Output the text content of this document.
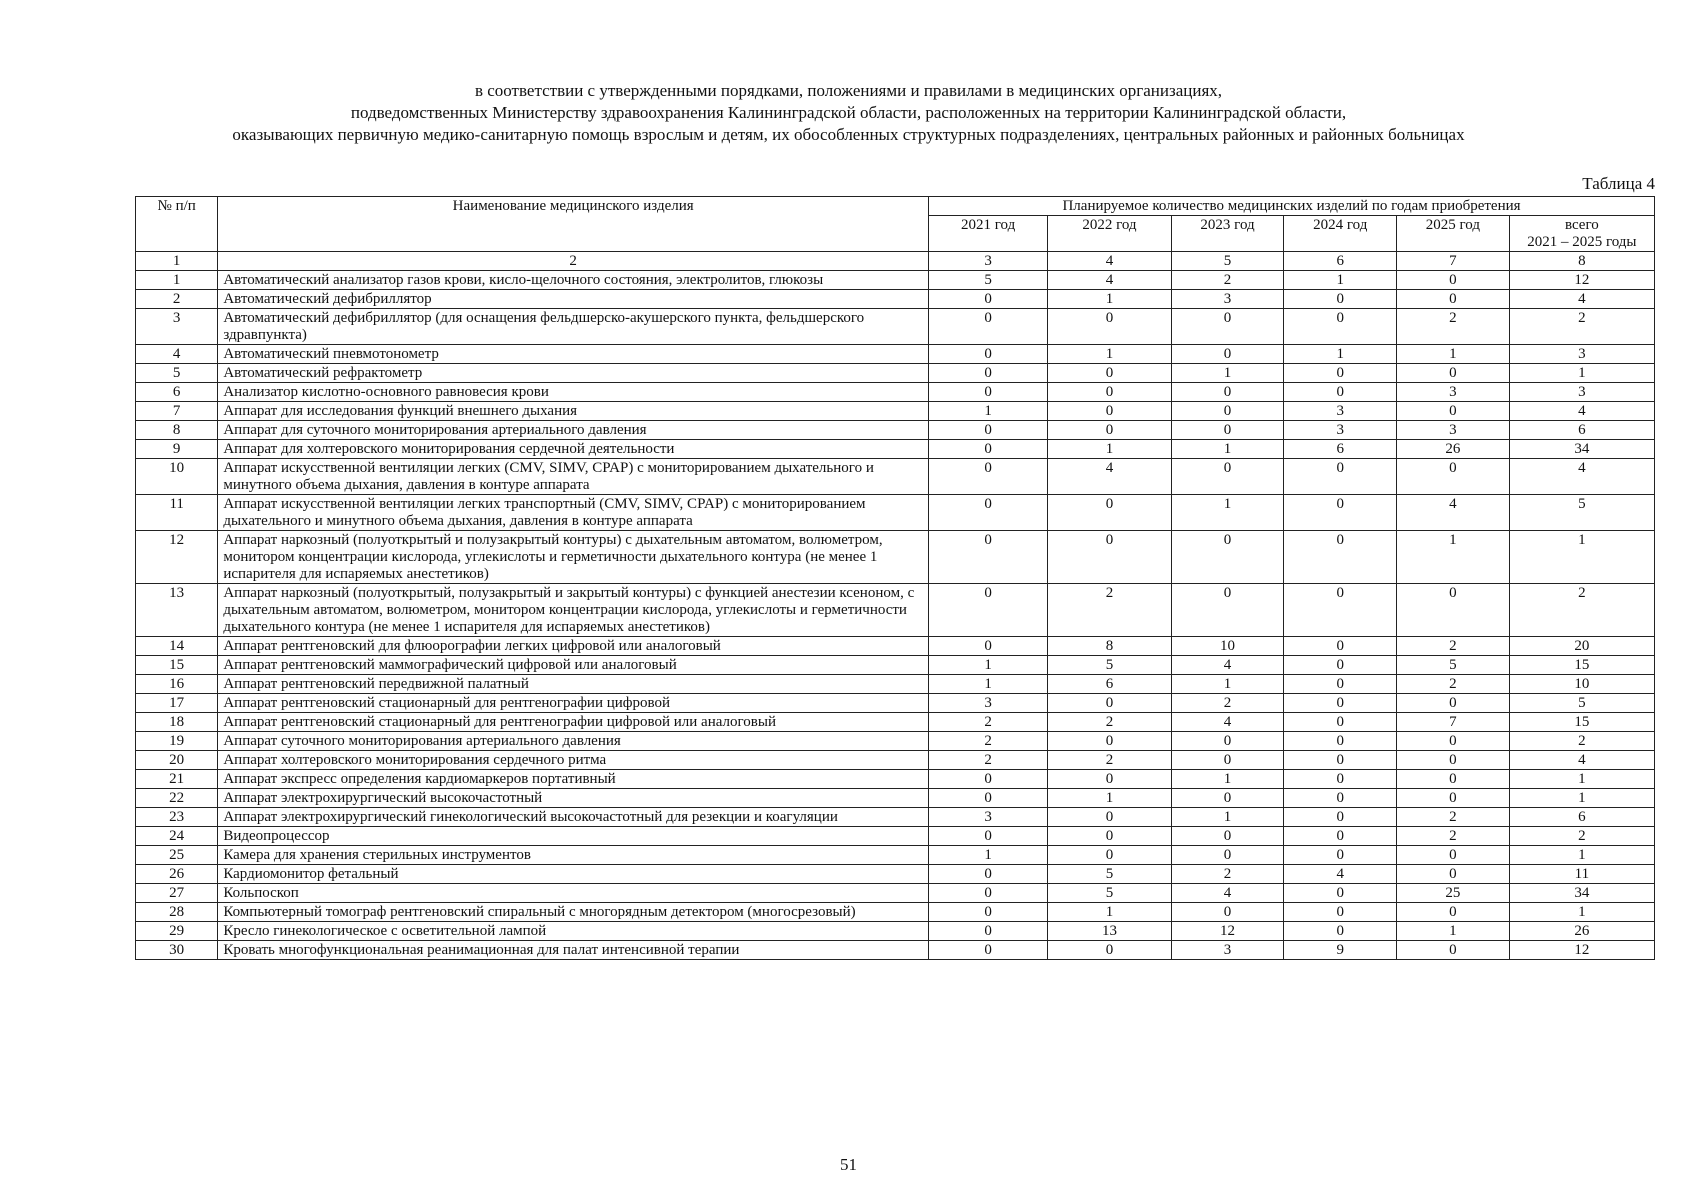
в соответствии с утвержденными порядками, положениями и правилами в медицинских организациях,
подведомственных Министерству здравоохранения Калининградской области, расположенных на территории Калининградской области,
оказывающих первичную медико-санитарную помощь взрослым и детям, их обособленных структурных подразделениях, центральных районных и районных больницах
Таблица 4
№ п/п	Наименование медицинского изделия	Планируемое количество медицинских изделий по годам приобретения					
		2021 год	2022 год	2023 год	2024 год	2025 год	всего
2021 – 2025 годы

1	2	3	4	5	6	7	8
1	Автоматический анализатор газов крови, кисло-щелочного состояния, электролитов, глюкозы	5	4	2	1	0	12
2	Автоматический дефибриллятор	0	1	3	0	0	4
3	Автоматический дефибриллятор (для оснащения фельдшерско-акушерского пункта, фельдшерского здравпункта)	0	0	0	0	2	2
4	Автоматический пневмотонометр	0	1	0	1	1	3
5	Автоматический рефрактометр	0	0	1	0	0	1
6	Анализатор кислотно-основного равновесия крови	0	0	0	0	3	3
7	Аппарат для исследования функций внешнего дыхания	1	0	0	3	0	4
8	Аппарат для суточного мониторирования артериального давления	0	0	0	3	3	6
9	Аппарат для холтеровского мониторирования сердечной деятельности	0	1	1	6	26	34
10	Аппарат искусственной вентиляции легких (CMV, SIMV, CPAP) с мониторированием дыхательного и минутного объема дыхания, давления в контуре аппарата	0	4	0	0	0	4
11	Аппарат искусственной вентиляции легких транспортный (CMV, SIMV, CPAP) с мониторированием дыхательного и минутного объема дыхания, давления в контуре аппарата	0	0	1	0	4	5
12	Аппарат наркозный (полуоткрытый и полузакрытый контуры) с дыхательным автоматом, волюметром, монитором концентрации кислорода, углекислоты и герметичности дыхательного контура (не менее 1 испарителя для испаряемых анестетиков)	0	0	0	0	1	1
13	Аппарат наркозный (полуоткрытый, полузакрытый и закрытый контуры) с функцией анестезии ксеноном, с дыхательным автоматом, волюметром, монитором концентрации кислорода, углекислоты и герметичности дыхательного контура (не менее 1 испарителя для испаряемых анестетиков)	0	2	0	0	0	2
14	Аппарат рентгеновский для флюорографии легких цифровой или аналоговый	0	8	10	0	2	20
15	Аппарат рентгеновский маммографический цифровой или аналоговый	1	5	4	0	5	15
16	Аппарат рентгеновский передвижной палатный	1	6	1	0	2	10
17	Аппарат рентгеновский стационарный для рентгенографии цифровой	3	0	2	0	0	5
18	Аппарат рентгеновский стационарный для рентгенографии цифровой или аналоговый	2	2	4	0	7	15
19	Аппарат суточного мониторирования артериального давления	2	0	0	0	0	2
20	Аппарат холтеровского мониторирования сердечного ритма	2	2	0	0	0	4
21	Аппарат экспресс определения кардиомаркеров портативный	0	0	1	0	0	1
22	Аппарат электрохирургический высокочастотный	0	1	0	0	0	1
23	Аппарат электрохирургический гинекологический высокочастотный для резекции и коагуляции	3	0	1	0	2	6
24	Видеопроцессор	0	0	0	0	2	2
25	Камера для хранения стерильных инструментов	1	0	0	0	0	1
26	Кардиомонитор фетальный	0	5	2	4	0	11
27	Кольпоскоп	0	5	4	0	25	34
28	Компьютерный томограф рентгеновский спиральный с многорядным детектором (многосрезовый)	0	1	0	0	0	1
29	Кресло гинекологическое с осветительной лампой	0	13	12	0	1	26
30	Кровать многофункциональная реанимационная для палат интенсивной терапии	0	0	3	9	0	12
51
